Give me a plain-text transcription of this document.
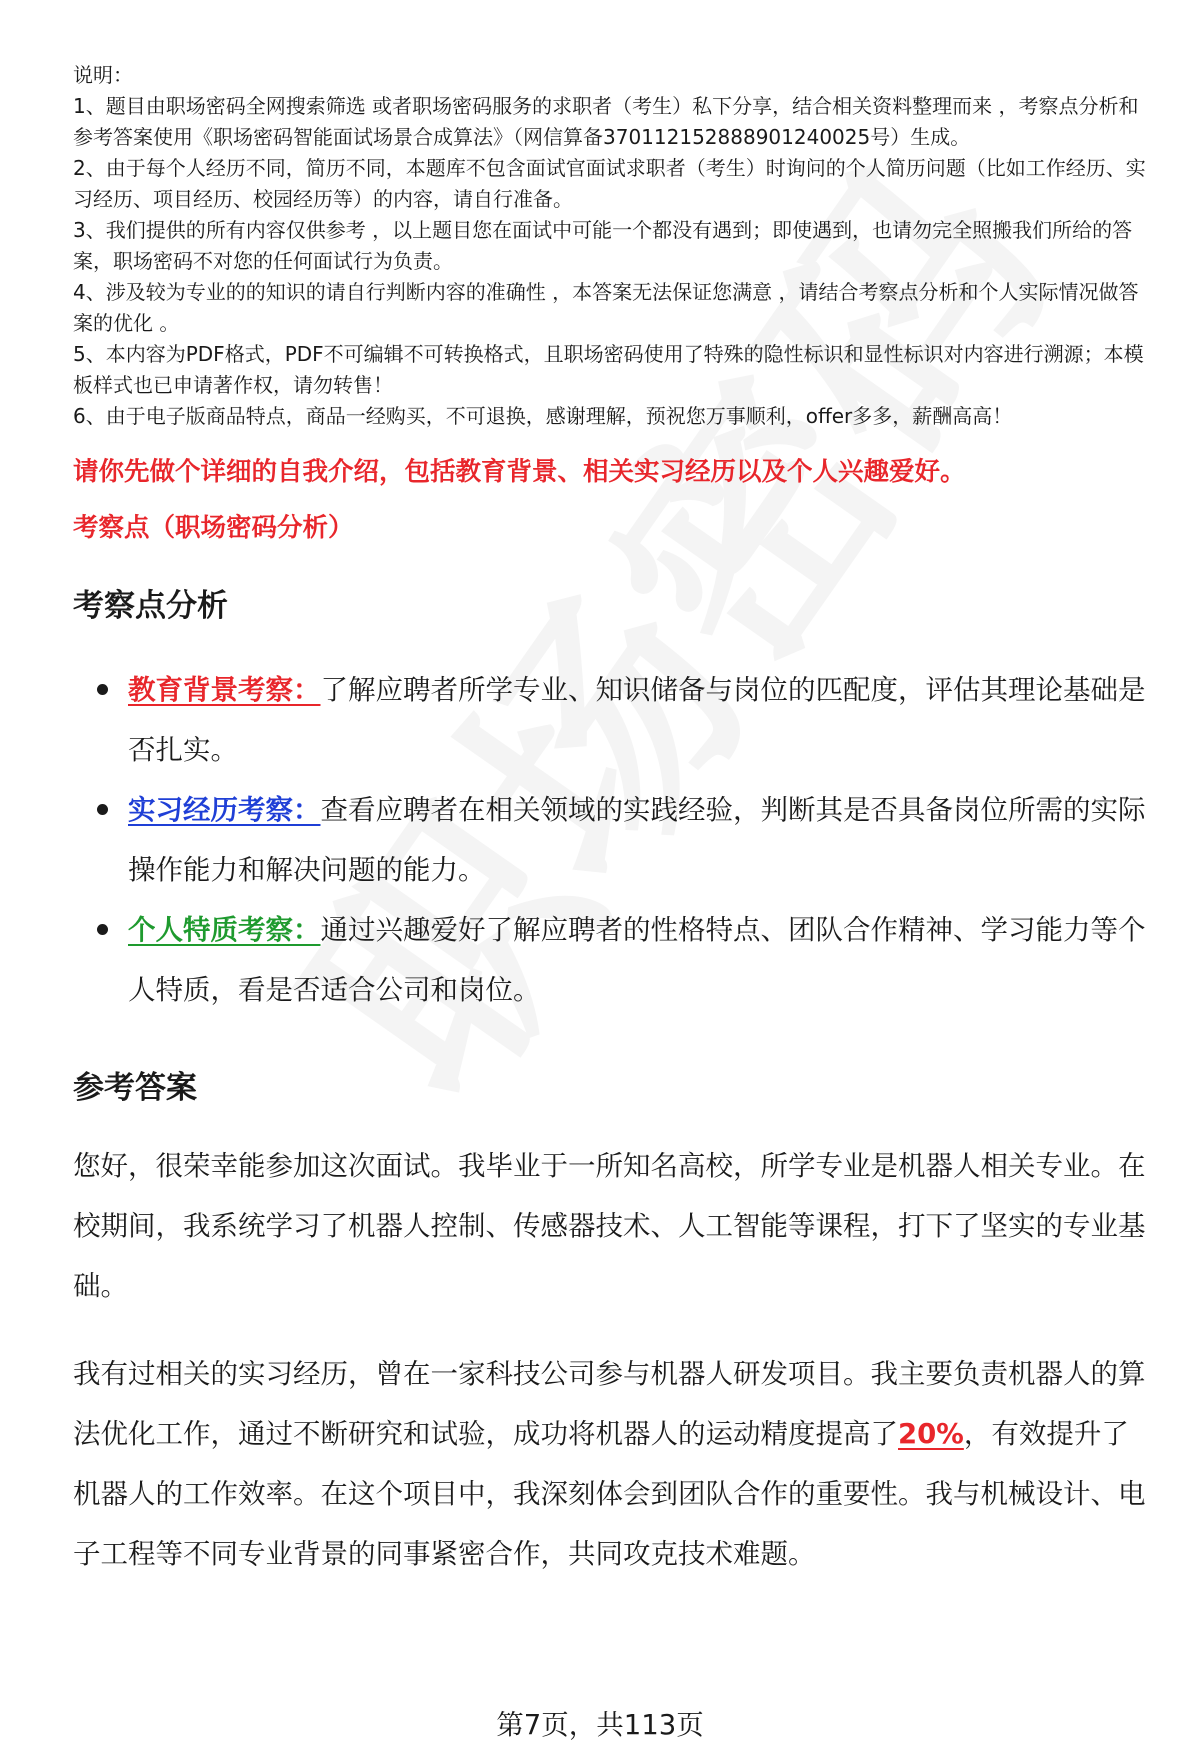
说明：

1、题目由职场密码全网搜索筛选 或者职场密码服务的求职者（考生）私下分享，结合相关资料整理而来 ，考察点分析和参考答案使用《职场密码智能面试场景合成算法》（网信算备370112152888901240025号）生成。

2、由于每个人经历不同，简历不同，本题库不包含面试官面试求职者（考生）时询问的个人简历问题（比如工作经历、实习经历、项目经历、校园经历等）的内容，请自行准备。

3、我们提供的所有内容仅供参考 ，以上题目您在面试中可能一个都没有遇到；即使遇到，也请勿完全照搬我们所给的答案，职场密码不对您的任何面试行为负责。

4、涉及较为专业的的知识的请自行判断内容的准确性 ，本答案无法保证您满意 ，请结合考察点分析和个人实际情况做答案的优化 。

5、本内容为PDF格式，PDF不可编辑不可转换格式，且职场密码使用了特殊的隐性标识和显性标识对内容进行溯源；本模板样式也已申请著作权，请勿转售！

6、由于电子版商品特点，商品一经购买，不可退换，感谢理解，预祝您万事顺利，offer多多，薪酬高高！

请你先做个详细的自我介绍，包括教育背景、相关实习经历以及个人兴趣爱好。
考察点（职场密码分析）
考察点分析
教育背景考察：了解应聘者所学专业、知识储备与岗位的匹配度，评估其理论基础是否扎实。
实习经历考察：查看应聘者在相关领域的实践经验，判断其是否具备岗位所需的实际操作能力和解决问题的能力。
个人特质考察：通过兴趣爱好了解应聘者的性格特点、团队合作精神、学习能力等个人特质，看是否适合公司和岗位。
参考答案

您好，很荣幸能参加这次面试。我毕业于一所知名高校，所学专业是机器人相关专业。在校期间，我系统学习了机器人控制、传感器技术、人工智能等课程，打下了坚实的专业基础。

我有过相关的实习经历，曾在一家科技公司参与机器人研发项目。我主要负责机器人的算法优化工作，通过不断研究和试验，成功将机器人的运动精度提高了20%，有效提升了机器人的工作效率。在这个项目中，我深刻体会到团队合作的重要性。我与机械设计、电子工程等不同专业背景的同事紧密合作，共同攻克技术难题。

第7页，共113页
